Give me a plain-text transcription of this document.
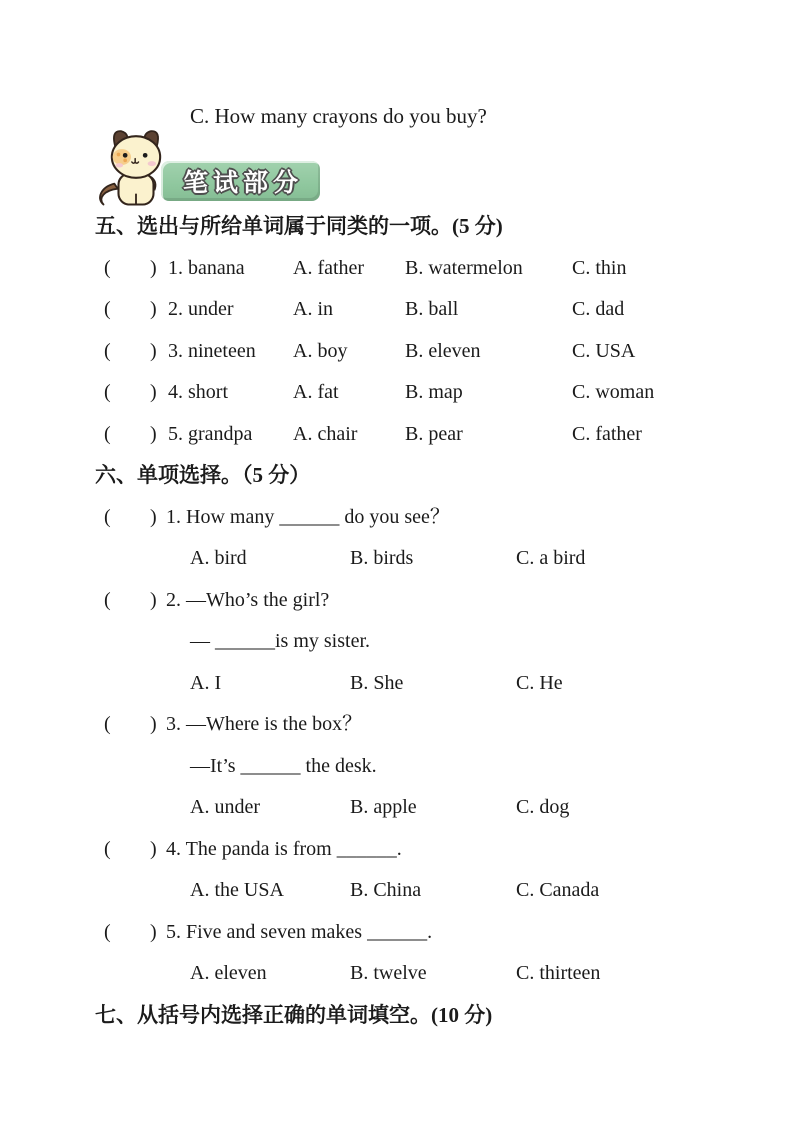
C. How many crayons do you buy?
笔试部分
五、选出与所给单词属于同类的一项。(5 分)
( ) 1. banana A. father B. watermelon C. thin
( ) 2. under	A. in	B. ball	C. dad
( ) 3. nineteen A. boy	B. eleven	C. USA
( ) 4. short	A. fat	B. map	C. woman
( ) 5. grandpa A. chair B. pear	C. father
六、单项选择。（5 分）
( ) 1. How many ______ do you see？
A. bird	B. birds	C. a bird
( ) 2. —Who’s the girl?
— ______is my sister.
A. I	B. She	C. He
( ) 3. —Where is the box？
—It’s ______ the desk.
A. under	B. apple	C. dog
( ) 4. The panda is from ______.
A. the USA	B. China	C. Canada
( ) 5. Five and seven makes ______.
A. eleven	B. twelve	C. thirteen
七、从括号内选择正确的单词填空。(10 分)
